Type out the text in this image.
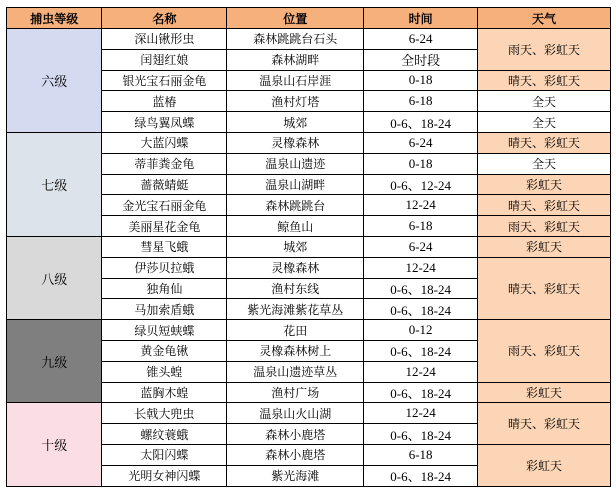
捕虫等级	名称	位置	时间	天气
六级	深山锹形虫	森林跳跳台石头	6-24	雨天、彩虹天
	闰翅红娘	森林湖畔	全时段	
	银光宝石丽金龟	温泉山石岸涯	0-18	晴天、彩虹天
	蓝椿	渔村灯塔	6-18	全天
	绿鸟翼凤蝶	城郊	0-6、18-24	全天
七级	大蓝闪蝶	灵橡森林	6-24	晴天、彩虹天
	蒂菲粪金龟	温泉山遗迹	0-18	全天
	蔷薇蜻蜓	温泉山湖畔	0-6、12-24	彩虹天
	金光宝石丽金龟	森林跳跳台	12-24	晴天、彩虹天
	美丽星花金龟	鲸鱼山	6-18	雨天、彩虹天
八级	彗星飞蛾	城郊	6-24	彩虹天
	伊莎贝拉蛾	灵橡森林	12-24	晴天、彩虹天
	独角仙	渔村东线	0-6、18-24	
	马加索盾蛾	紫光海滩紫花草丛	0-6、18-24	
九级	绿贝短蛱蝶	花田	0-12	雨天、彩虹天
	黄金龟锹	灵橡森林树上	0-6、18-24	
	锥头蝗	温泉山遗迹草丛	12-24	
	蓝胸木蝗	渔村广场	0-6、18-24	彩虹天
十级	长戟大兜虫	温泉山火山湖	12-24	晴天、彩虹天
	螺纹蓑蛾	森林小鹿塔	0-6、18-24	
	太阳闪蝶	森林小鹿塔	6-18	彩虹天
	光明女神闪蝶	紫光海滩	0-6、18-24	
